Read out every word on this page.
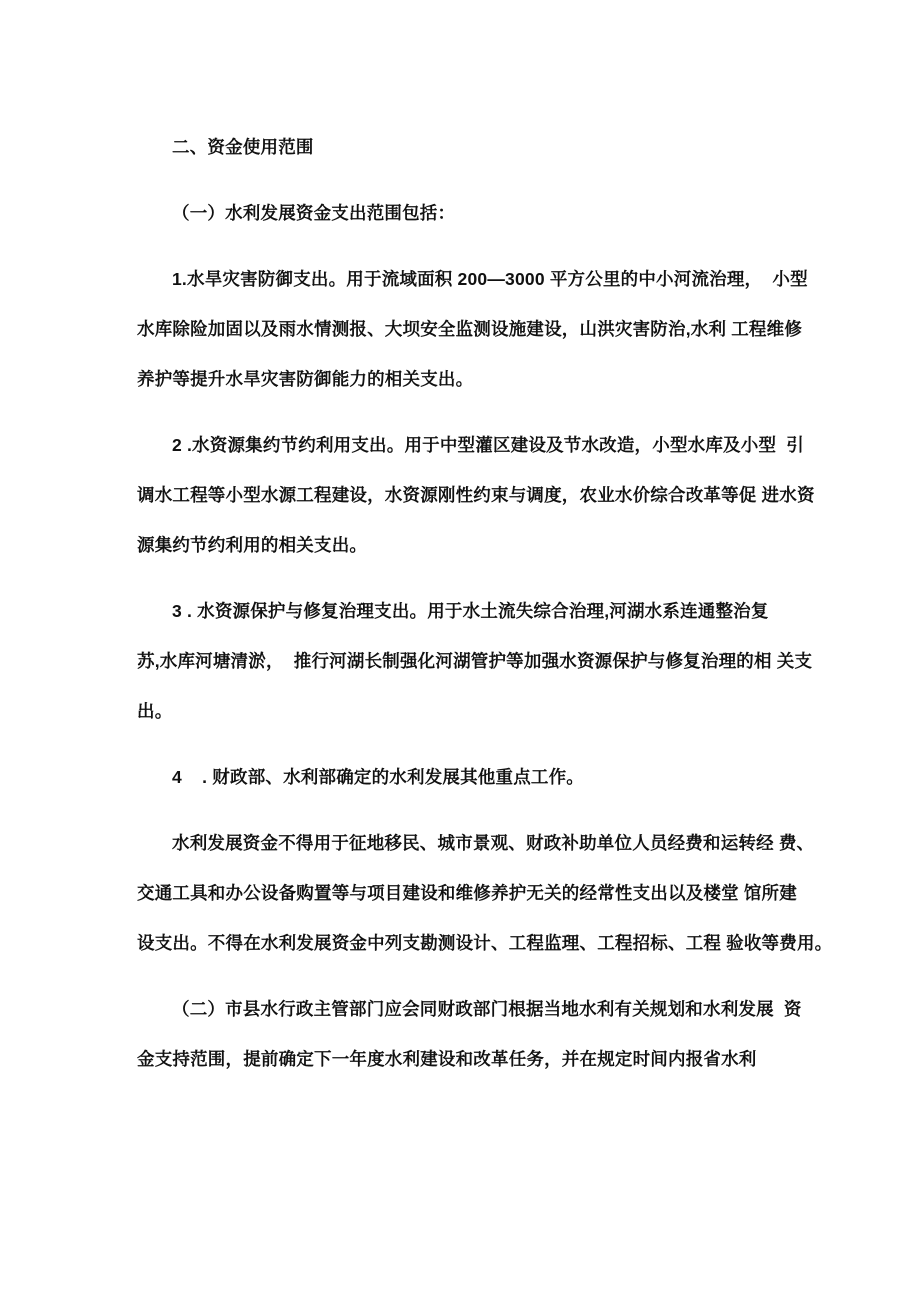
二、资金使用范围

（一）水利发展资金支出范围包括：

1.水旱灾害防御支出。用于流域面积 200—3000 平方公里的中小河流治理，  小型
水库除险加固以及雨水情测报、大坝安全监测设施建设，山洪灾害防治,水利 工程维修
养护等提升水旱灾害防御能力的相关支出。

2 .水资源集约节约利用支出。用于中型灌区建设及节水改造，小型水库及小型  引
调水工程等小型水源工程建设，水资源刚性约束与调度，农业水价综合改革等促 进水资
源集约节约利用的相关支出。

3 . 水资源保护与修复治理支出。用于水土流失综合治理,河湖水系连通整治复
苏,水库河塘清淤，  推行河湖长制强化河湖管护等加强水资源保护与修复治理的相 关支
出。

4    . 财政部、水利部确定的水利发展其他重点工作。

水利发展资金不得用于征地移民、城市景观、财政补助单位人员经费和运转经 费、
交通工具和办公设备购置等与项目建设和维修养护无关的经常性支出以及楼堂 馆所建
设支出。不得在水利发展资金中列支勘测设计、工程监理、工程招标、工程 验收等费用。

（二）市县水行政主管部门应会同财政部门根据当地水利有关规划和水利发展  资
金支持范围，提前确定下一年度水利建设和改革任务，并在规定时间内报省水利
